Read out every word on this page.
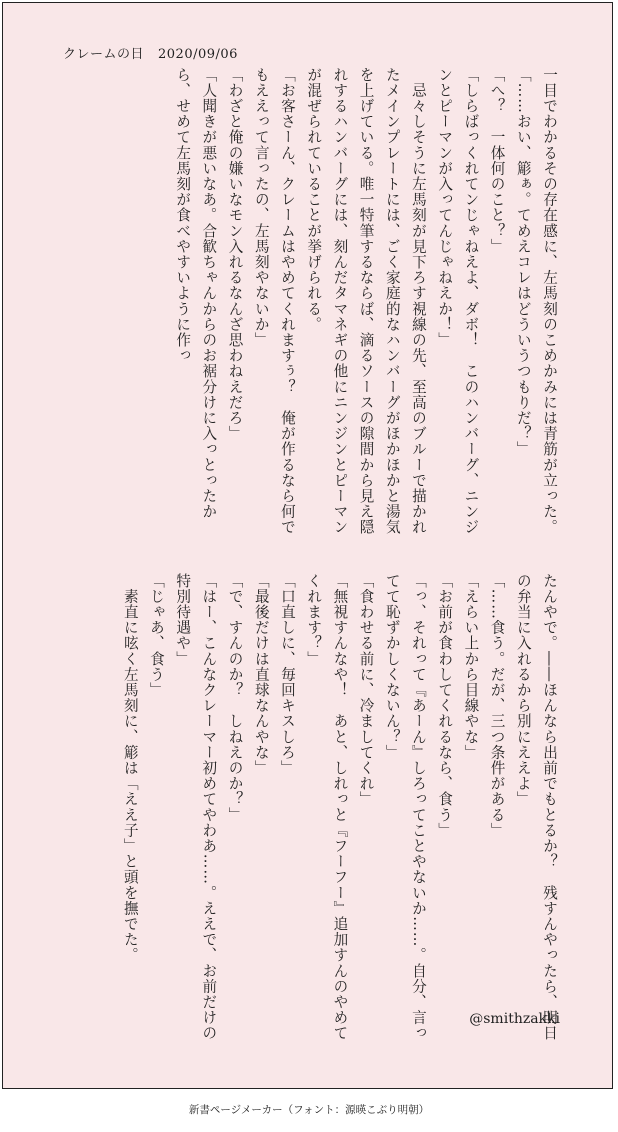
クレームの日 2020/09/06

一目でわかるその存在感に、左馬刻のこめかみには青筋が立った。

「……おい、簓ぁ。てめえコレはどういうつもりだ？」

「へ？　一体何のこと？」

「しらばっくれてンじゃねえよ、ダボ！　このハンバーグ、ニンジンとピーマンが入ってんじゃねえか！」

　忌々しそうに左馬刻が見下ろす視線の先、至高のブルーで描かれたメインプレートには、ごく家庭的なハンバーグがほかほかと湯気を上げている。唯一特筆するならば、滴るソースの隙間から見え隠れするハンバーグには、刻んだタマネギの他にニンジンとピーマンが混ぜられていることが挙げられる。

「お客さーん、クレームはやめてくれますぅ？　俺が作るなら何でもええって言ったの、左馬刻やないか」

「わざと俺の嫌いなモン入れるなんざ思わねえだろ」

「人聞きが悪いなあ。合歓ちゃんからのお裾分けに入っとったから、せめて左馬刻が食べやすいように作っ

たんやで。――ほんなら出前でもとるか？　残すんやったら、明日の弁当に入れるから別にええよ」

「……食う。だが、三つ条件がある」

「えらい上から目線やな」

「お前が食わしてくれるなら、食う」

「っ、それって『あーん』しろってことやないか……。自分、言ってて恥ずかしくないん？」

「食わせる前に、冷ましてくれ」

「無視すんなや！　あと、しれっと『フーフー』追加すんのやめてくれます？」

「口直しに、毎回キスしろ」

「最後だけは直球なんやな」

「で、すんのか？　しねえのか？」

「はー、こんなクレーマー初めてやわあ……。ええで、お前だけの特別待遇や」

「じゃあ、食う」

　素直に呟く左馬刻に、簓は「ええ子」と頭を撫でた。

@smithzakki
新書ページメーカー（フォント：源暎こぶり明朝）
